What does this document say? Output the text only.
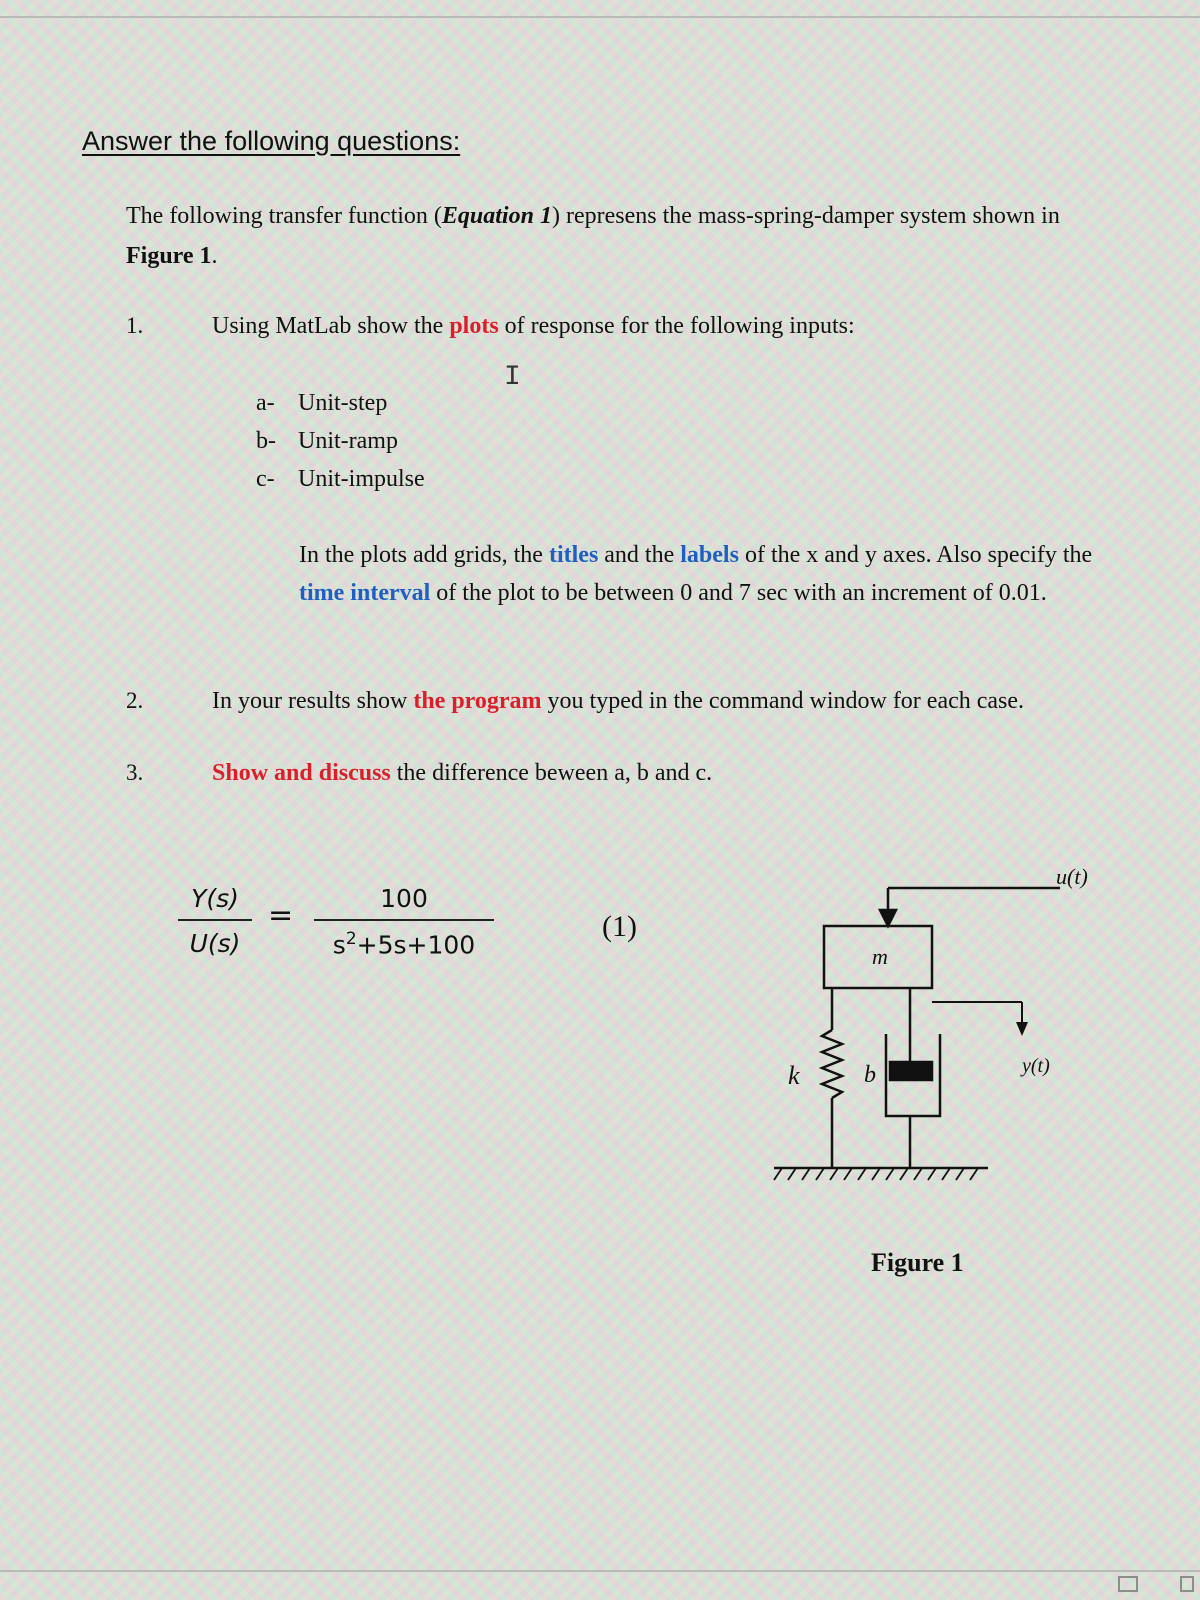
Answer the following questions:
The following transfer function (Equation 1) represens the mass-spring-damper system shown in Figure 1.
1.	Using MatLab show the plots of response for the following inputs:
I
a- Unit-step
b- Unit-ramp
c- Unit-impulse
In the plots add grids, the titles and the labels of the x and y axes. Also specify the time interval of the plot to be between 0 and 7 sec with an increment of 0.01.
2.	In your results show the program you typed in the command window for each case.
3.	Show and discuss the difference beween a, b and c.
Y(s)
U(s)
=	100
$s^2+5s+100$
(1)
u(t)
m
k	b	y(t)
Figure 1
